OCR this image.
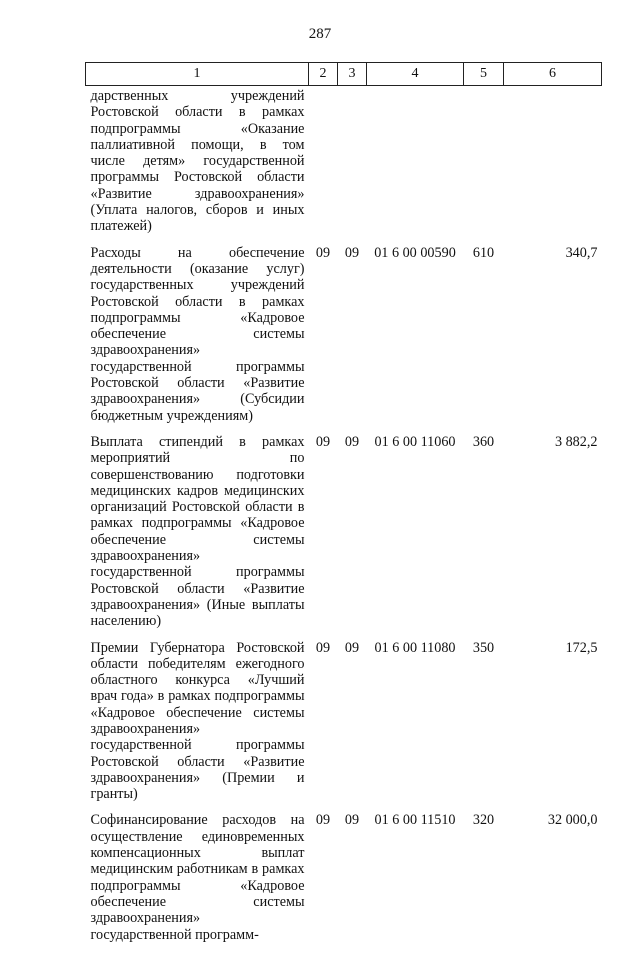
287
1	2	3	4	5	6
дарственных учреждений Ростовской области в рамках подпрограммы «Оказание паллиативной помощи, в том числе детям» государственной программы Ростовской области «Развитие здравоохранения» (Уплата налогов, сборов и иных платежей)					
Расходы на обеспечение деятельности (оказание услуг) государственных учреждений Ростовской области в рамках подпрограммы «Кадровое обеспечение системы здравоохранения» государственной программы Ростовской области «Развитие здравоохранения» (Субсидии бюджетным учреждениям)	09	09	01 6 00 00590	610	340,7
Выплата стипендий в рамках мероприятий по совершенствованию подготовки медицинских кадров медицинских организаций Ростовской области в рамках подпрограммы «Кадровое обеспечение системы здравоохранения» государственной программы Ростовской области «Развитие здравоохранения» (Иные выплаты населению)	09	09	01 6 00 11060	360	3 882,2
Премии Губернатора Ростовской области победителям ежегодного областного конкурса «Лучший врач года» в рамках подпрограммы «Кадровое обеспечение системы здравоохранения» государственной программы Ростовской области «Развитие здравоохранения» (Премии и гранты)	09	09	01 6 00 11080	350	172,5
Софинансирование расходов на осуществление единовременных компенсационных выплат медицинским работникам в рамках подпрограммы «Кадровое обеспечение системы здравоохранения» государственной программ-	09	09	01 6 00 11510	320	32 000,0
